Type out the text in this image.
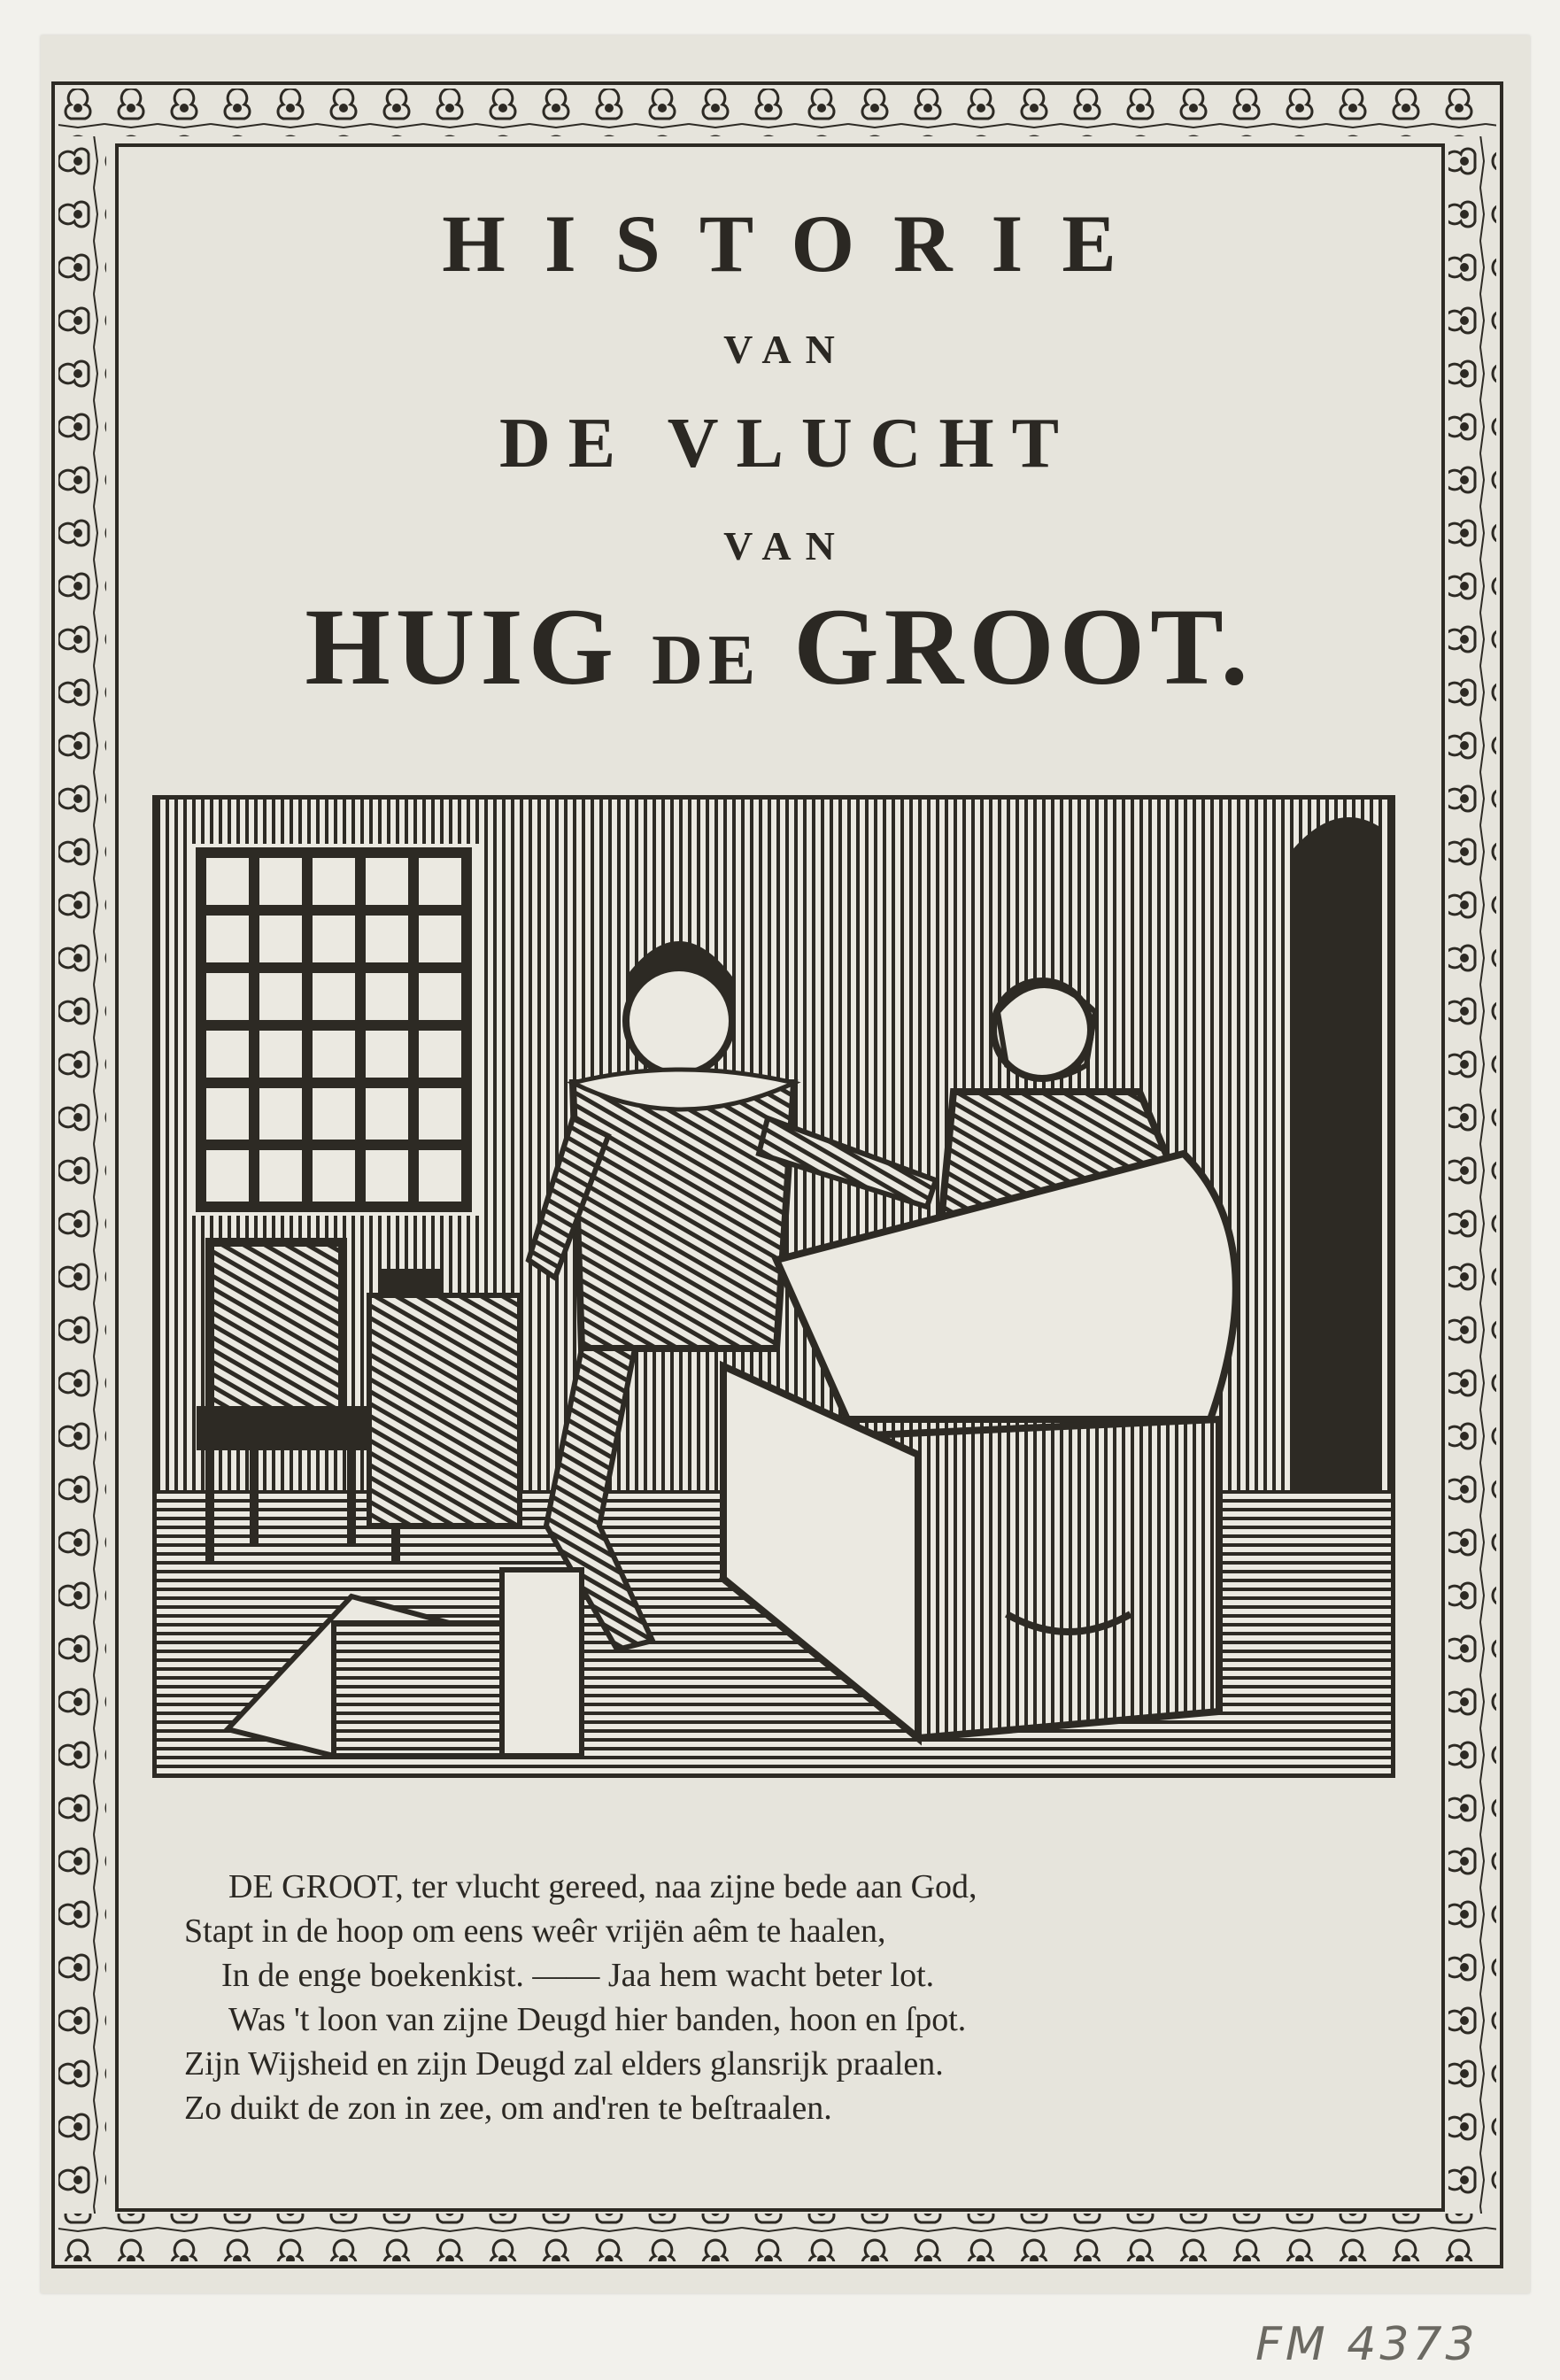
HISTORIE
VAN
DE VLUCHT
VAN
HUIG DE GROOT.
DE GROOT, ter vlucht gereed, naa zijne bede aan God,
Stapt in de hoop om eens weêr vrijën aêm te haalen,
In de enge boekenkist. —— Jaa hem wacht beter lot.
Was 't loon van zijne Deugd hier banden, hoon en ſpot.
Zijn Wijsheid en zijn Deugd zal elders glansrijk praalen.
Zo duikt de zon in zee, om and'ren te beſtraalen.
FM 4373
